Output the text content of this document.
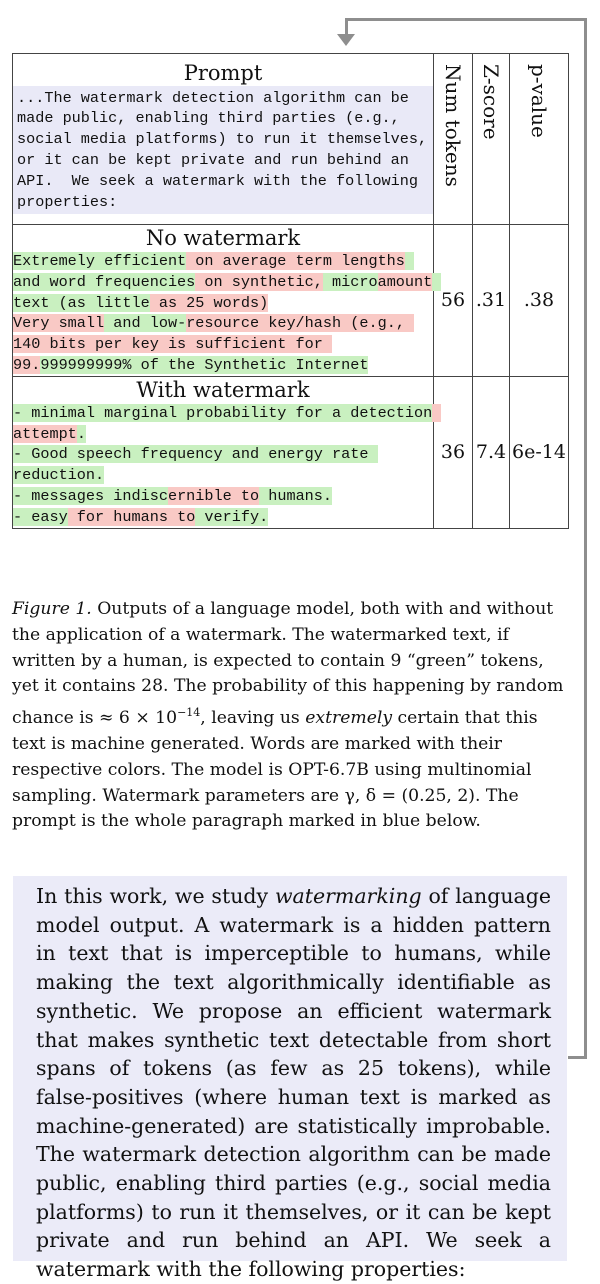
Prompt
...The watermark detection algorithm can be made public, enabling third parties (e.g., social media platforms) to run it themselves, or it can be kept private and run behind an API.  We seek a watermark with the following properties:	Num tokens	Z-score	p-value

No watermark
Extremely efficient on average term lengths and word frequencies on synthetic, microamount text (as little as 25 words)
Very small and low-resource key/hash (e.g., 140 bits per key is sufficient for 99.999999999% of the Synthetic Internet	56	.31	.38

With watermark
- minimal marginal probability for a detection attempt.
- Good speech frequency and energy rate reduction.
- messages indiscernible to humans.
- easy for humans to verify.	36	7.4	6e-14
Figure 1. Outputs of a language model, both with and without the application of a watermark. The watermarked text, if written by a human, is expected to contain 9 “green” tokens, yet it contains 28. The probability of this happening by random chance is ≈ $6 \times 10^{-14}$, leaving us extremely certain that this text is machine generated. Words are marked with their respective colors. The model is OPT-6.7B using multinomial sampling. Watermark parameters are γ, δ = (0.25, 2). The prompt is the whole paragraph marked in blue below.
In this work, we study watermarking of language model output. A watermark is a hidden pattern in text that is imperceptible to humans, while making the text algorithmically identifiable as synthetic. We propose an efficient watermark that makes synthetic text detectable from short spans of tokens (as few as 25 tokens), while false-positives (where human text is marked as machine-generated) are statistically improbable. The watermark detection algorithm can be made public, enabling third parties (e.g., social media platforms) to run it themselves, or it can be kept private and run behind an API. We seek a watermark with the following properties:
